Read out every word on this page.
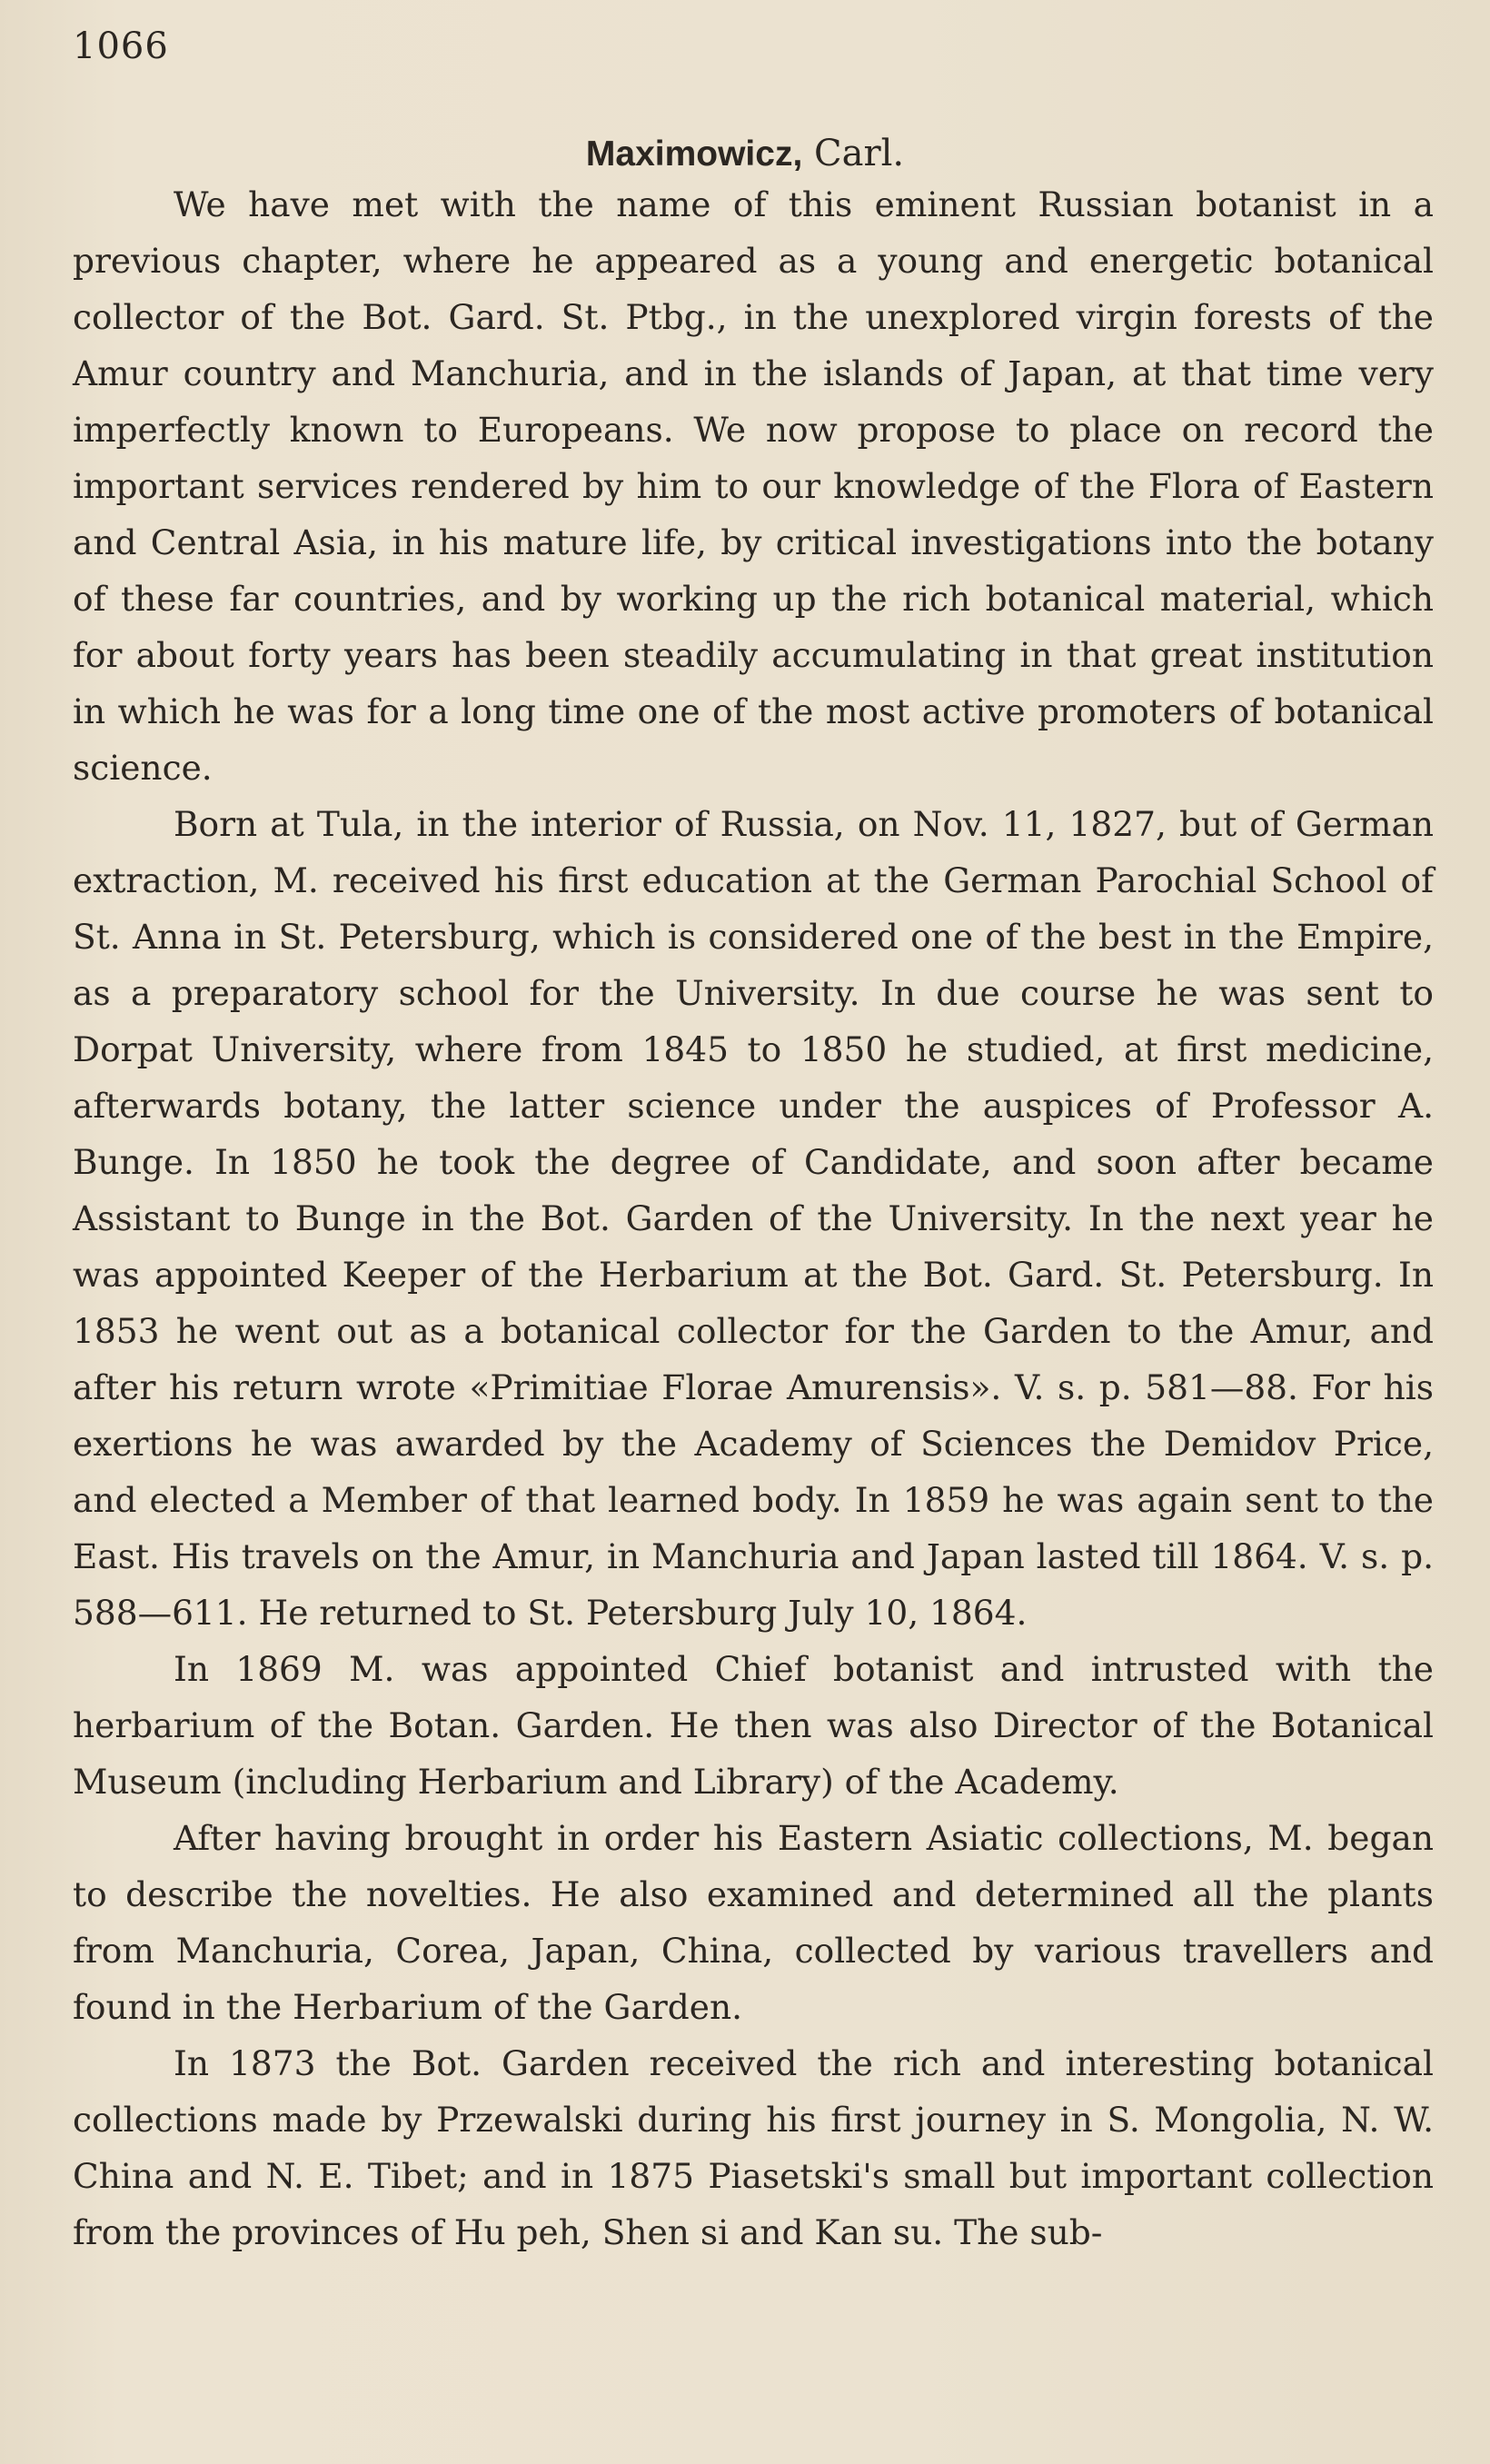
1066
Maximowicz, Carl.

We have met with the name of this eminent Russian botanist in a previous chapter, where he appeared as a young and energetic botanical collector of the Bot. Gard. St. Ptbg., in the unexplored virgin forests of the Amur country and Manchuria, and in the islands of Japan, at that time very imperfectly known to Europeans. We now propose to place on record the important services rendered by him to our knowledge of the Flora of Eastern and Central Asia, in his mature life, by critical investigations into the botany of these far countries, and by working up the rich botanical material, which for about forty years has been steadily accumulating in that great institution in which he was for a long time one of the most active promoters of botanical science.

Born at Tula, in the interior of Russia, on Nov. 11, 1827, but of German extraction, M. received his first education at the German Parochial School of St. Anna in St. Petersburg, which is considered one of the best in the Empire, as a preparatory school for the University. In due course he was sent to Dorpat University, where from 1845 to 1850 he studied, at first medicine, afterwards botany, the latter science under the auspices of Professor A. Bunge. In 1850 he took the degree of Candidate, and soon after became Assistant to Bunge in the Bot. Garden of the University. In the next year he was appointed Keeper of the Herbarium at the Bot. Gard. St. Petersburg. In 1853 he went out as a botanical collector for the Garden to the Amur, and after his return wrote «Primitiae Florae Amurensis». V. s. p. 581—88. For his exertions he was awarded by the Academy of Sciences the Demidov Price, and elected a Member of that learned body. In 1859 he was again sent to the East. His travels on the Amur, in Manchuria and Japan lasted till 1864. V. s. p. 588—611. He returned to St. Petersburg July 10, 1864.

In 1869 M. was appointed Chief botanist and intrusted with the herbarium of the Botan. Garden. He then was also Director of the Botanical Museum (including Herbarium and Library) of the Academy.

After having brought in order his Eastern Asiatic collections, M. began to describe the novelties. He also examined and determined all the plants from Manchuria, Corea, Japan, China, collected by various travellers and found in the Herbarium of the Garden.

In 1873 the Bot. Garden received the rich and interesting botanical collections made by Przewalski during his first journey in S. Mongolia, N. W. China and N. E. Tibet; and in 1875 Piasetski's small but important collection from the provinces of Hu peh, Shen si and Kan su. The sub-
